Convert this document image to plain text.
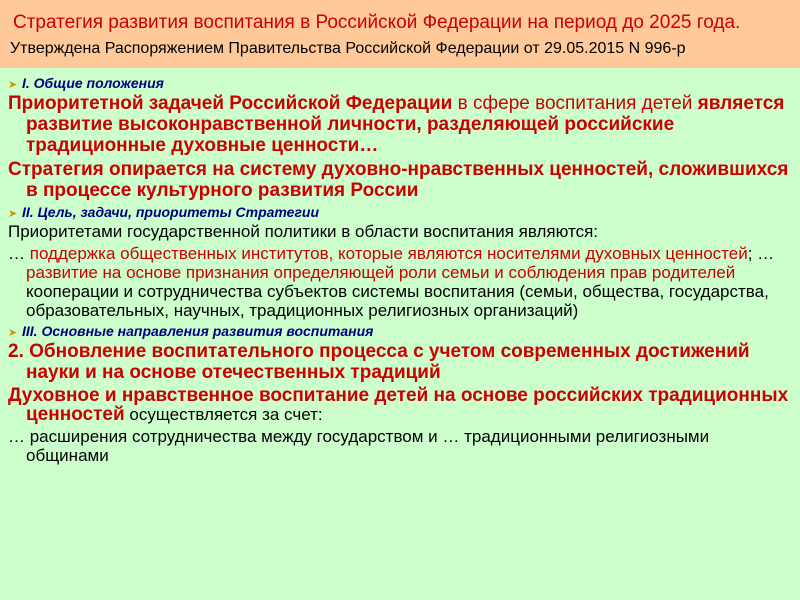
Стратегия развития воспитания в Российской Федерации на период до 2025 года.
Утверждена Распоряжением Правительства Российской Федерации от 29.05.2015 N 996-р
➤ I. Общие положения
Приоритетной задачей Российской Федерации в сфере воспитания детей является развитие высоконравственной личности, разделяющей российские традиционные духовные ценности…
Стратегия опирается на систему духовно-нравственных ценностей, сложившихся в процессе культурного развития России
➤ II. Цель, задачи, приоритеты Стратегии
Приоритетами государственной политики в области воспитания являются:
… поддержка общественных институтов, которые являются носителями духовных ценностей; … развитие на основе признания определяющей роли семьи и соблюдения прав родителей кооперации и сотрудничества субъектов системы воспитания (семьи, общества, государства, образовательных, научных, традиционных религиозных организаций)
➤ III. Основные направления развития воспитания
2. Обновление воспитательного процесса с учетом современных достижений науки и на основе отечественных традиций
Духовное и нравственное воспитание детей на основе российских традиционных ценностей осуществляется за счет:
… расширения сотрудничества между государством и … традиционными религиозными общинами
